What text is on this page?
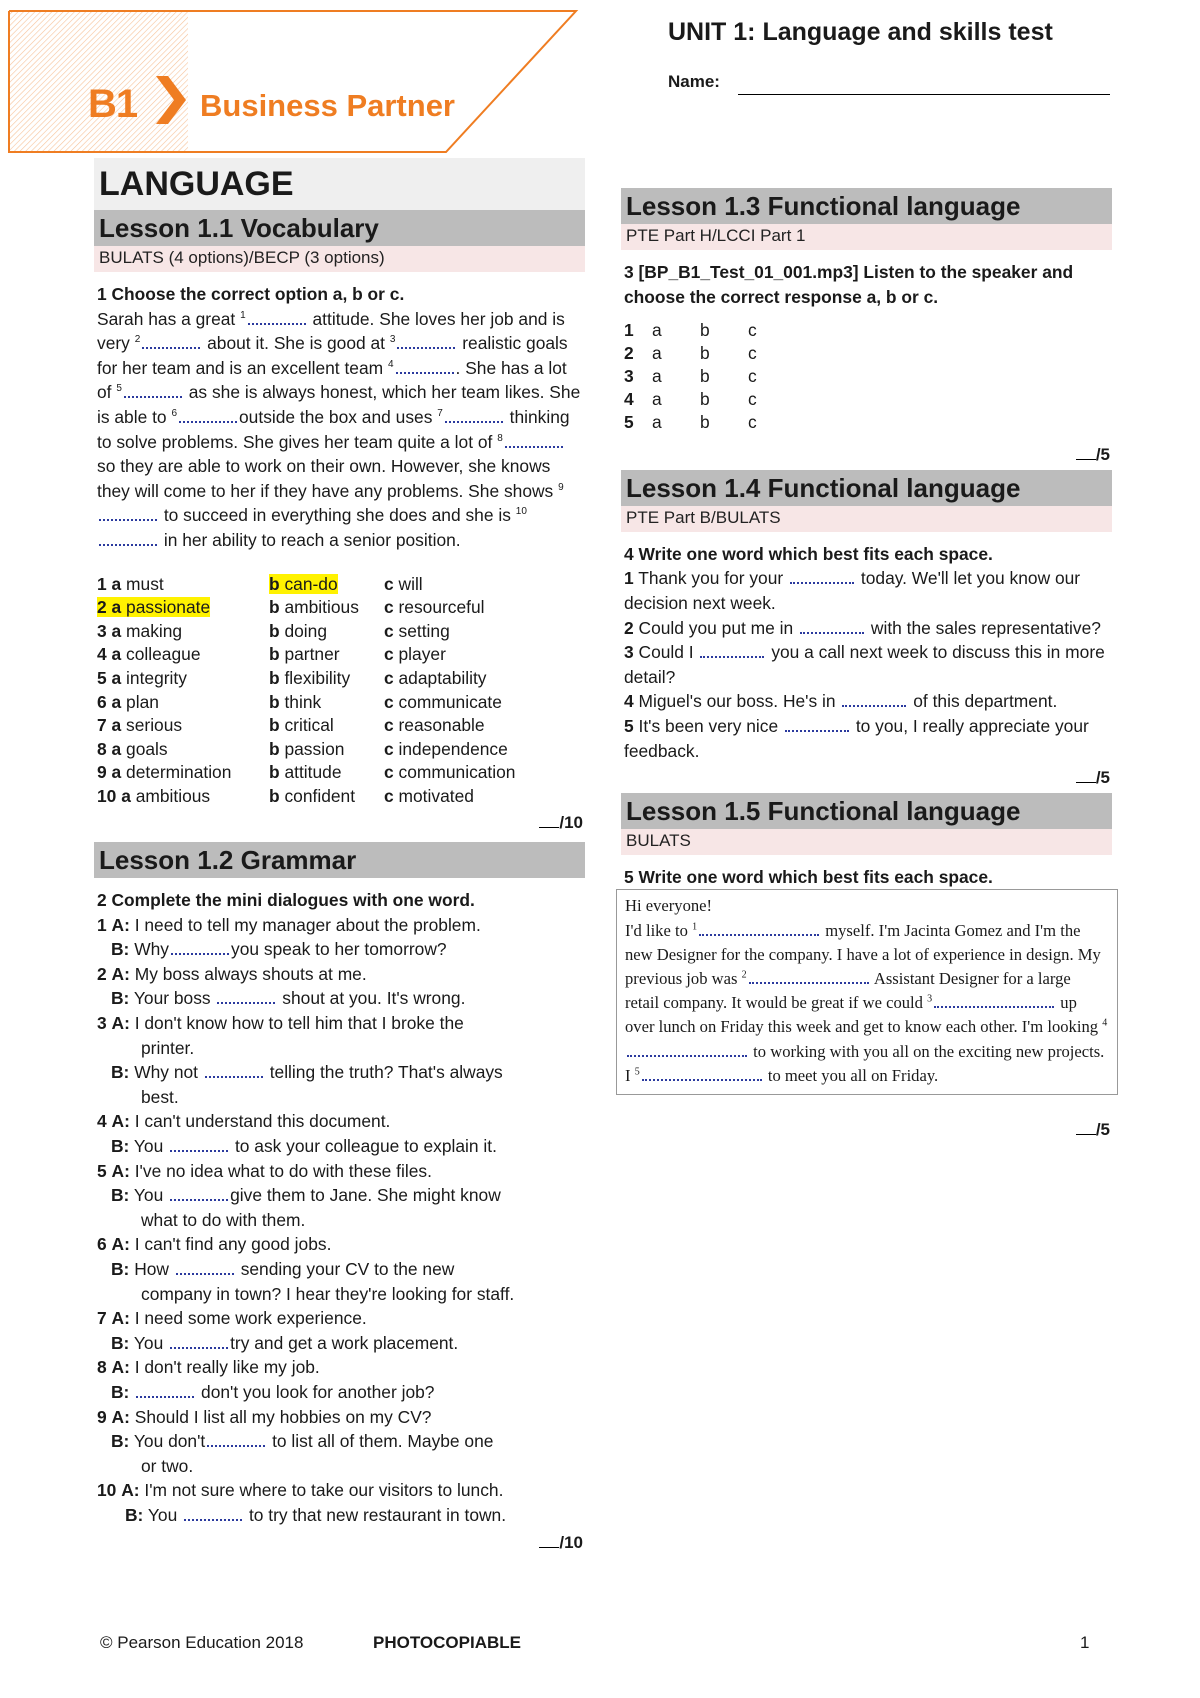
B1 Business Partner
UNIT 1: Language and skills test
Name:
LANGUAGE
Lesson 1.1 Vocabulary
BULATS (4 options)/BECP (3 options)
1 Choose the correct option a, b or c.

Sarah has a great $^1$	attitude. She loves her job and is very $^2$	about it. She is good at $^3$	realistic goals for her team and is an excellent team $^4$	. She has a lot of $^5$	as she is always honest, which her team likes. She is able to $^6$	outside the box and uses $^7$	thinking to solve problems. She gives her team quite a lot of $^8$ so they are able to work on their own. However, she knows they will come to her if they have any problems. She shows $^9$ to succeed in everything she does and she is $^{10}$ in her ability to reach a senior position.

1 a must	b can-do	c will
2 a passionate	b ambitious	c resourceful
3 a making	b doing	c setting
4 a colleague	b partner	c player
5 a integrity	b flexibility	c adaptability
6 a plan	b think	c communicate
7 a serious	b critical	c reasonable
8 a goals	b passion	c independence
9 a determination	b attitude	c communication
10 a ambitious	b confident	c motivated
/10
Lesson 1.2 Grammar
2 Complete the mini dialogues with one word.
1 A: I need to tell my manager about the problem.
B: Why	you speak to her tomorrow?
2 A: My boss always shouts at me.
B: Your boss	shout at you. It's wrong.
3 A: I don't know how to tell him that I broke the
printer.
B: Why not	telling the truth? That's always
best.
4 A: I can't understand this document.
B: You	to ask your colleague to explain it.
5 A: I've no idea what to do with these files.
B: You	give them to Jane. She might know
what to do with them.
6 A: I can't find any good jobs.
B: How	sending your CV to the new
company in town? I hear they're looking for staff.
7 A: I need some work experience.
B: You	try and get a work placement.
8 A: I don't really like my job.
B:	don't you look for another job?
9 A: Should I list all my hobbies on my CV?
B: You don't	to list all of them. Maybe one
or two.
10 A: I'm not sure where to take our visitors to lunch.
B: You	to try that new restaurant in town.
/10
Lesson 1.3 Functional language
PTE Part H/LCCI Part 1
3 [BP_B1_Test_01_001.mp3] Listen to the speaker and choose the correct response a, b or c.
1	a	b	c
2	a	b	c
3	a	b	c
4	a	b	c
5	a	b	c
/5
Lesson 1.4 Functional language
PTE Part B/BULATS
4 Write one word which best fits each space.
1 Thank you for your	today. We'll let you know our decision next week.
2 Could you put me in	with the sales representative?
3 Could I	you a call next week to discuss this in more detail?
4 Miguel's our boss. He's in	of this department.
5 It's been very nice	to you, I really appreciate your feedback.
/5
Lesson 1.5 Functional language
BULATS
5 Write one word which best fits each space.
Hi everyone!
I'd like to $^1$	myself. I'm Jacinta Gomez and I'm the new Designer for the company. I have a lot of experience in design. My previous job was $^2$	Assistant Designer for a large retail company. It would be great if we could $^3$	up over lunch on Friday this week and get to know each other. I'm looking $^4$ to working with you all on the exciting new projects. I $^5$	to meet you all on Friday.
/5
© Pearson Education 2018	PHOTOCOPIABLE	1
